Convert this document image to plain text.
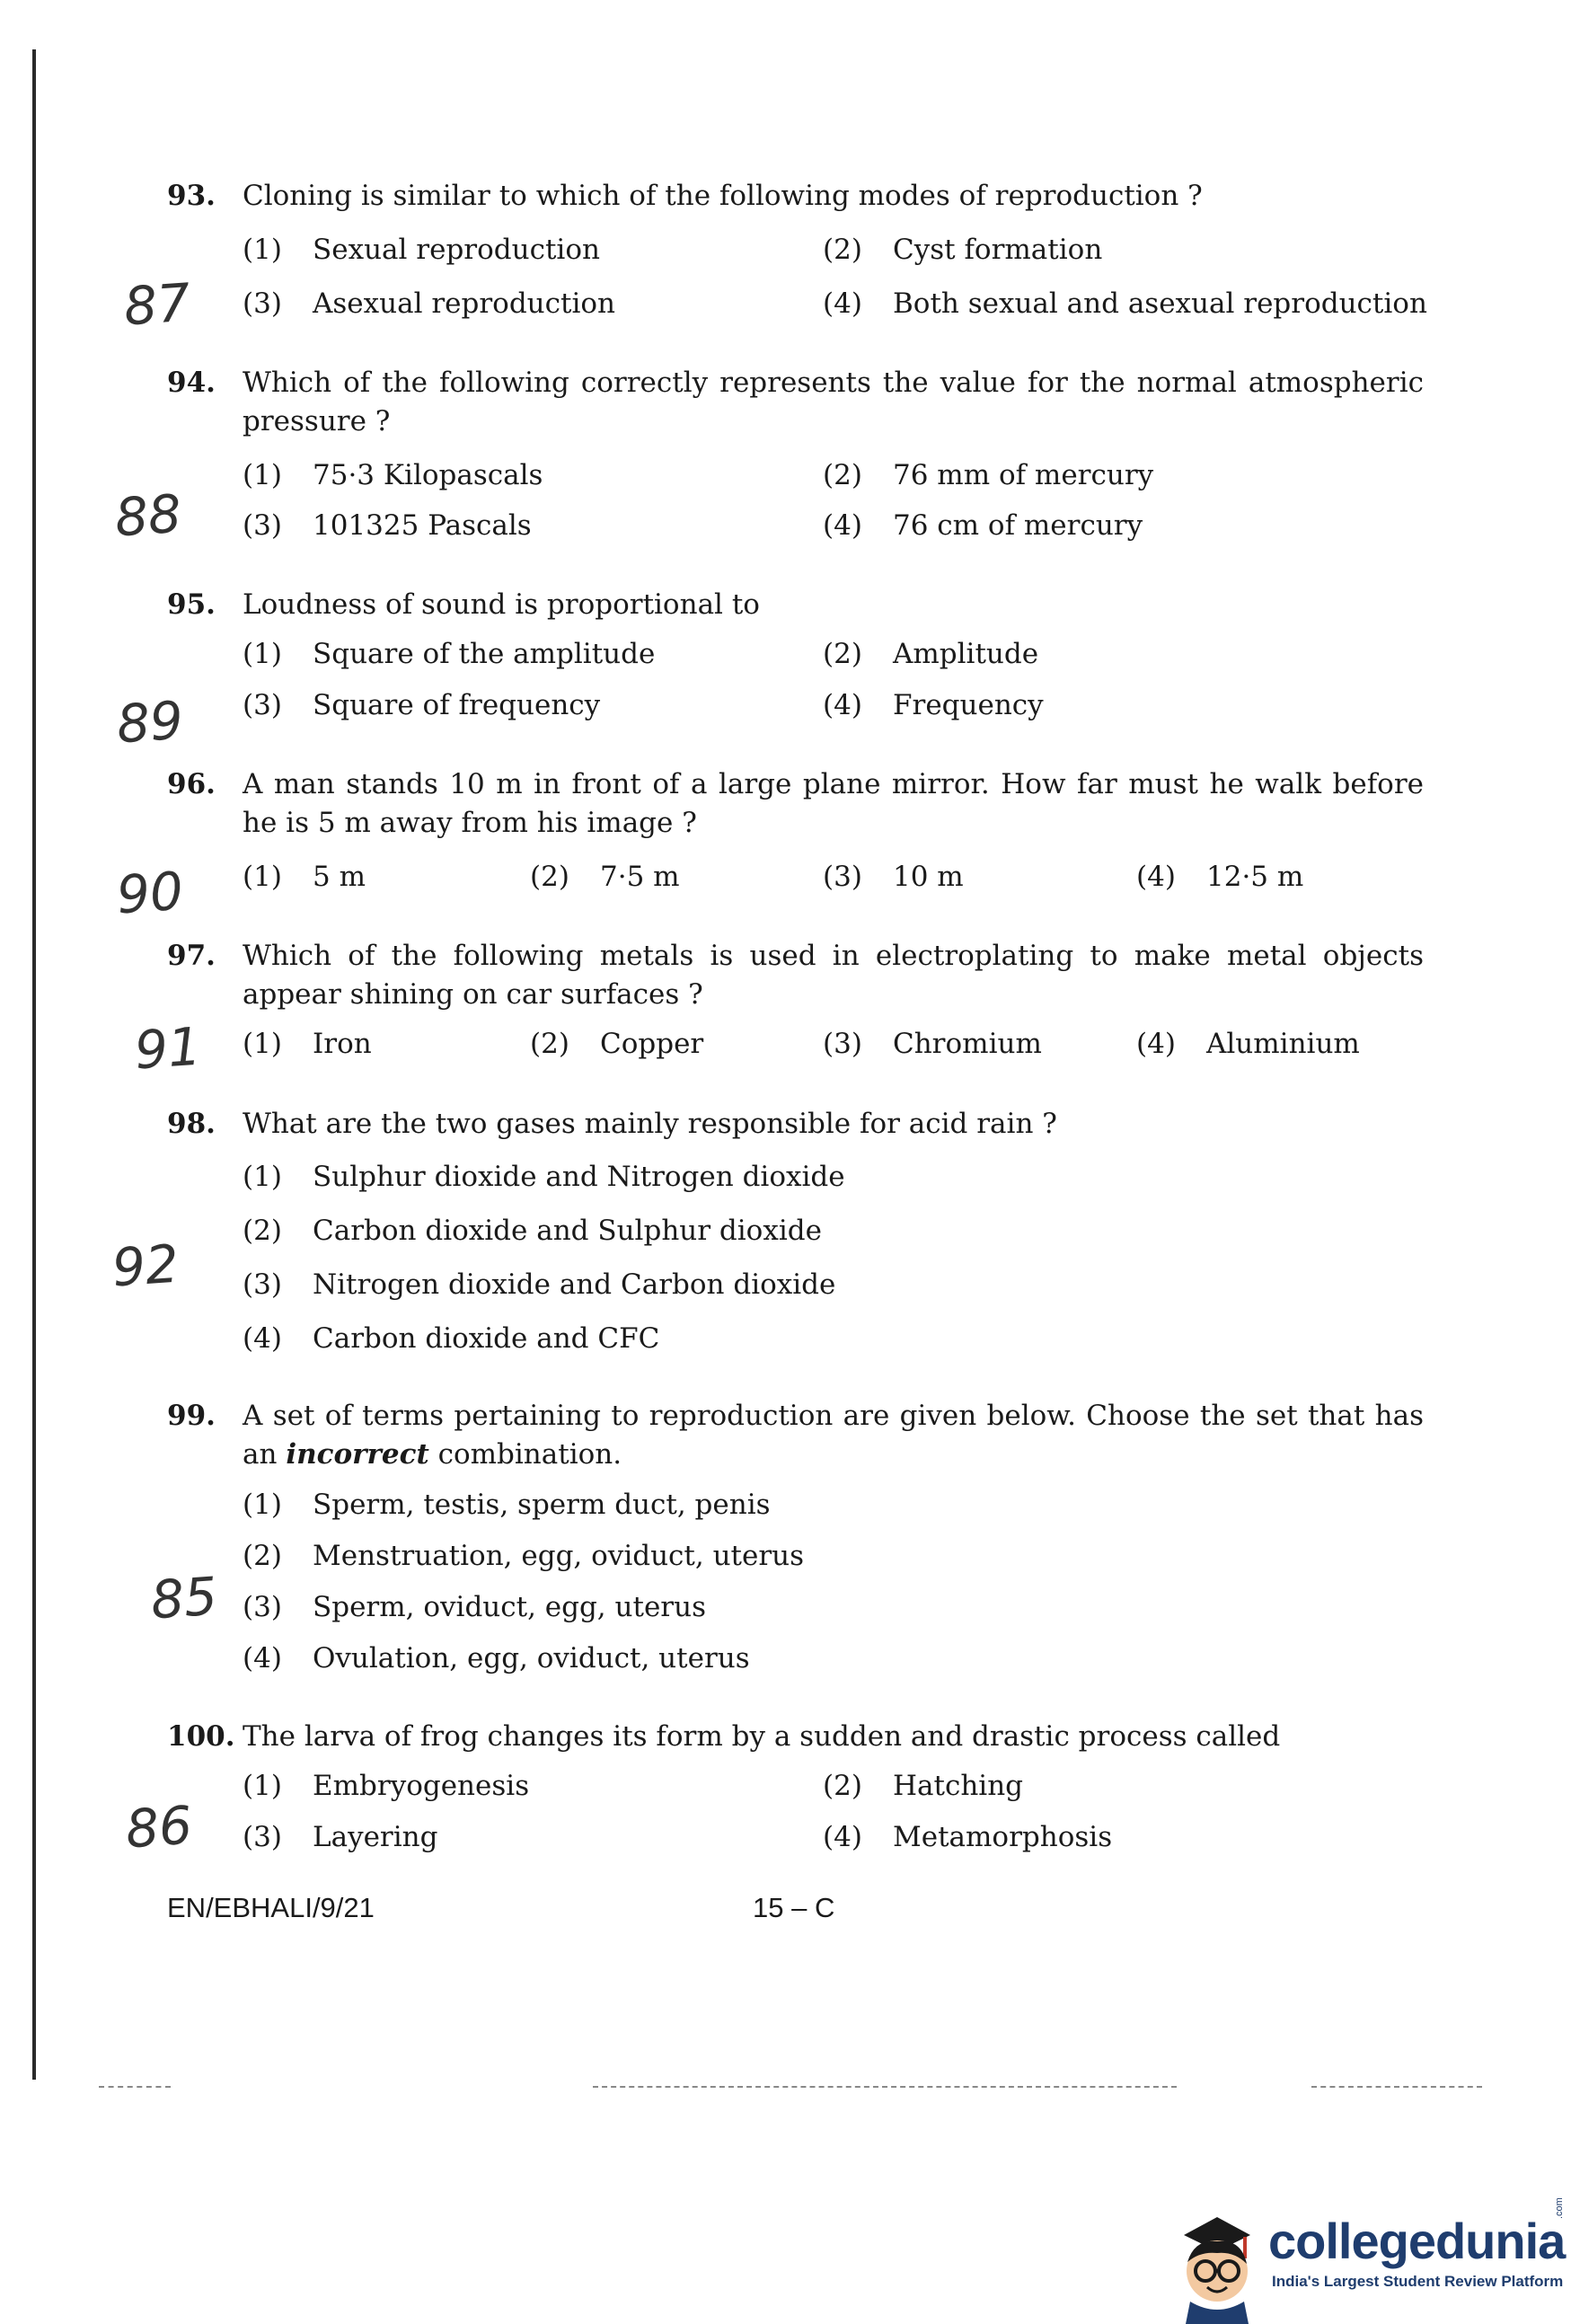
93. Cloning is similar to which of the following modes of reproduction ?
(1) Sexual reproduction	(2) Cyst formation
(3) Asexual reproduction	(4) Both sexual and asexual reproduction
87
94. Which of the following correctly represents the value for the normal atmospheric pressure ?
(1) 75·3 Kilopascals	(2) 76 mm of mercury
(3) 101325 Pascals	(4) 76 cm of mercury
88
95. Loudness of sound is proportional to
(1) Square of the amplitude	(2) Amplitude
(3) Square of frequency	(4) Frequency
89
96. A man stands 10 m in front of a large plane mirror. How far must he walk before he is 5 m away from his image ?
(1) 5 m	(2) 7·5 m	(3) 10 m	(4) 12·5 m
90
97. Which of the following metals is used in electroplating to make metal objects appear shining on car surfaces ?
(1) Iron	(2) Copper	(3) Chromium	(4) Aluminium
91
98. What are the two gases mainly responsible for acid rain ?
(1) Sulphur dioxide and Nitrogen dioxide
(2) Carbon dioxide and Sulphur dioxide
(3) Nitrogen dioxide and Carbon dioxide
(4) Carbon dioxide and CFC
92
99. A set of terms pertaining to reproduction are given below. Choose the set that has an incorrect combination.
(1) Sperm, testis, sperm duct, penis
(2) Menstruation, egg, oviduct, uterus
(3) Sperm, oviduct, egg, uterus
(4) Ovulation, egg, oviduct, uterus
85
100. The larva of frog changes its form by a sudden and drastic process called
(1) Embryogenesis	(2) Hatching
(3) Layering	(4) Metamorphosis
86
EN/EBHALI/9/21	15 – C
collegedunia
.com
India's Largest Student Review Platform
